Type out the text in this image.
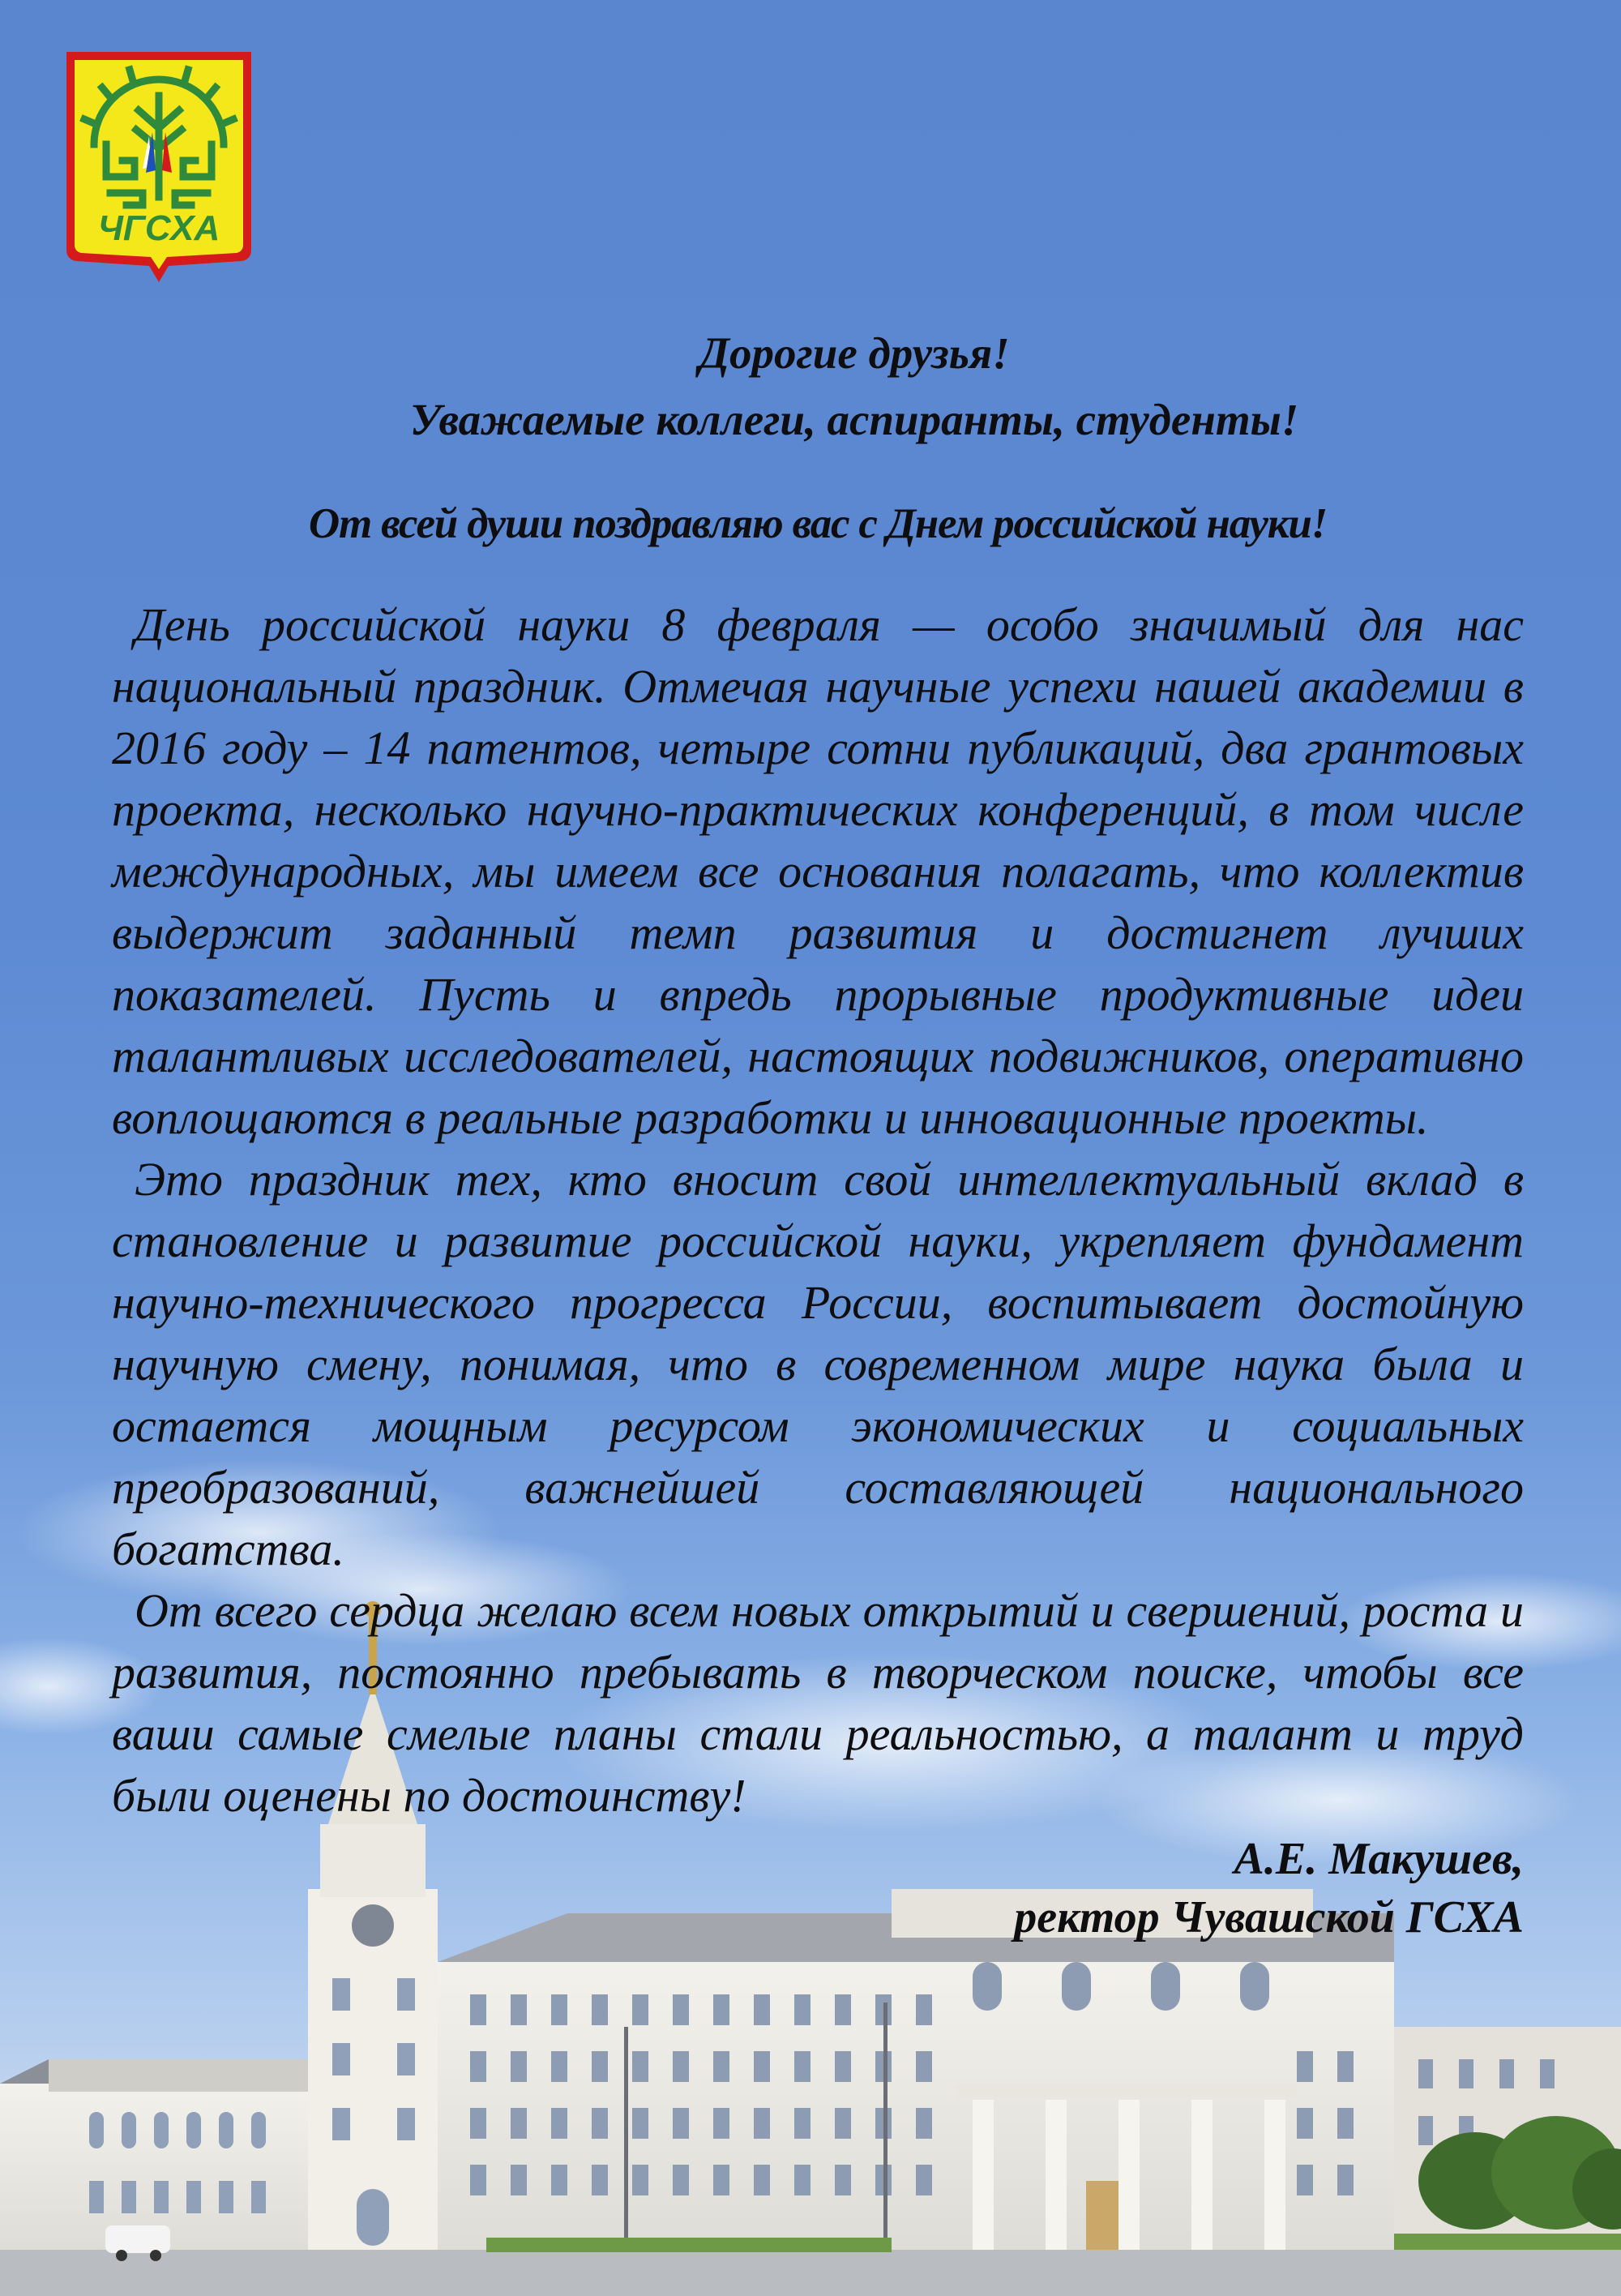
ЧГСХА

Дорогие друзья!
Уважаемые коллеги, аспиранты, студенты!

От всей души поздравляю вас с Днем российской науки!

День российской науки 8 февраля — особо значимый для нас национальный праздник. Отмечая научные успехи нашей академии в 2016 году – 14 патентов, четыре сотни публикаций, два грантовых проекта, несколько научно-практических конференций, в том числе международных, мы имеем все основания полагать, что коллектив выдержит заданный темп развития и достигнет лучших показателей. Пусть и впредь прорывные продуктивные идеи талантливых исследователей, настоящих подвижников, оперативно воплощаются в реальные разработки и инновационные проекты.

Это праздник тех, кто вносит свой интеллектуальный вклад в становление и развитие российской науки, укрепляет фундамент научно-технического прогресса России, воспитывает достойную научную смену, понимая, что в современном мире наука была и остается мощным ресурсом экономических и социальных преобразований, важнейшей составляющей национального богатства.

От всего сердца желаю всем новых открытий и свершений, роста и развития, постоянно пребывать в творческом поиске, чтобы все ваши самые смелые планы стали реальностью, а талант и труд были оценены по достоинству!

А.Е. Макушев,
ректор Чувашской ГСХА
